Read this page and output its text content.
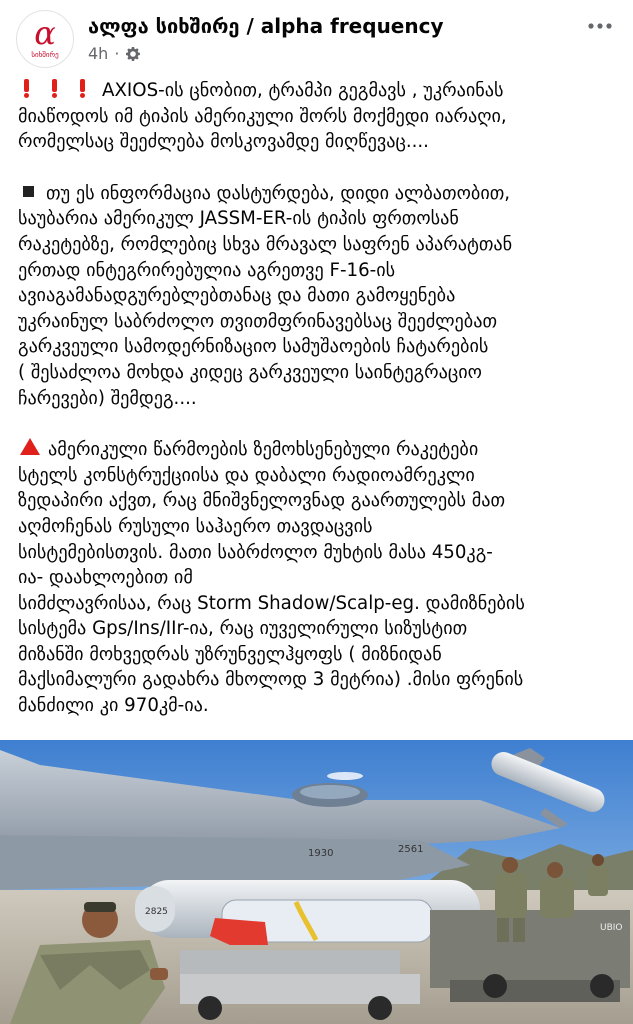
α
სიხშირე
ალფა სიხშირე / alpha frequency
4h ·
AXIOS-ის ცნობით, ტრამპი გეგმავს , უკრაინას
მიაწოდოს იმ ტიპის ამერიკული შორს მოქმედი იარაღი,
რომელსაც შეეძლება მოსკოვამდე მიღწევაც....
თუ ეს ინფორმაცია დასტურდება, დიდი ალბათობით,
საუბარია ამერიკულ JASSM-ER-ის ტიპის ფრთოსან
რაკეტებზე, რომლებიც სხვა მრავალ საფრენ აპარატთან
ერთად ინტეგრირებულია აგრეთვე F-16-ის
ავიაგამანადგურებლებთანაც და მათი გამოყენება
უკრაინულ საბრძოლო თვითმფრინავებსაც შეეძლებათ
გარკვეული სამოდერნიზაციო სამუშაოების ჩატარების
( შესაძლოა მოხდა კიდეც გარკვეული საინტეგრაციო
ჩარევები) შემდეგ....
ამერიკული წარმოების ზემოხსენებული რაკეტები
სტელს კონსტრუქციისა და დაბალი რადიოამრეკლი
ზედაპირი აქვთ, რაც მნიშვნელოვნად გაართულებს მათ
აღმოჩენას რუსული საჰაერო თავდაცვის
სისტემებისთვის. მათი საბრძოლო მუხტის მასა 450კგ-
ია- დაახლოებით იმ
სიმძლავრისაა, რაც Storm Shadow/Scalp-eg. დამიზნების
სისტემა Gps/Ins/IIr-ია, რაც იუველირული სიზუსტით
მიზანში მოხვედრას უზრუნველჰყოფს ( მიზნიდან
მაქსიმალური გადახრა მხოლოდ 3 მეტრია) .მისი ფრენის
მანძილი კი 970კმ-ია.
1930	2561
2825
UBIO
